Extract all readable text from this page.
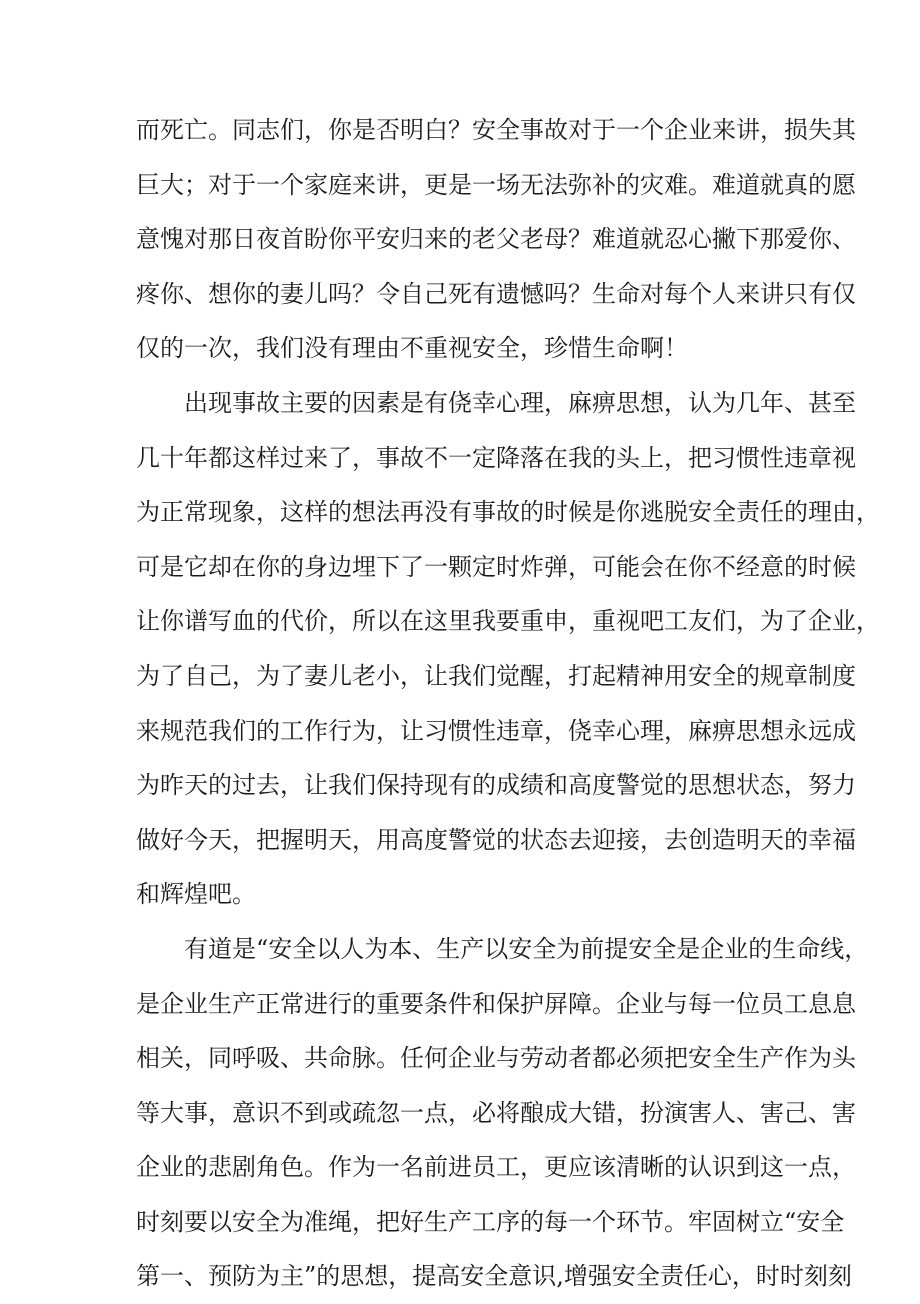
而死亡。同志们，你是否明白？安全事故对于一个企业来讲，损失其
巨大；对于一个家庭来讲，更是一场无法弥补的灾难。难道就真的愿
意愧对那日夜首盼你平安归来的老父老母？难道就忍心撇下那爱你、
疼你、想你的妻儿吗？令自己死有遗憾吗？生命对每个人来讲只有仅
仅的一次，我们没有理由不重视安全，珍惜生命啊！
出现事故主要的因素是有侥幸心理，麻痹思想，认为几年、甚至
几十年都这样过来了，事故不一定降落在我的头上，把习惯性违章视
为正常现象，这样的想法再没有事故的时候是你逃脱安全责任的理由，
可是它却在你的身边埋下了一颗定时炸弹，可能会在你不经意的时候
让你谱写血的代价，所以在这里我要重申，重视吧工友们，为了企业，
为了自己，为了妻儿老小，让我们觉醒，打起精神用安全的规章制度
来规范我们的工作行为，让习惯性违章，侥幸心理，麻痹思想永远成
为昨天的过去，让我们保持现有的成绩和高度警觉的思想状态，努力
做好今天，把握明天，用高度警觉的状态去迎接，去创造明天的幸福
和辉煌吧。
有道是“安全以人为本、生产以安全为前提安全是企业的生命线，
是企业生产正常进行的重要条件和保护屏障。企业与每一位员工息息
相关，同呼吸、共命脉。任何企业与劳动者都必须把安全生产作为头
等大事，意识不到或疏忽一点，必将酿成大错，扮演害人、害己、害
企业的悲剧角色。作为一名前进员工，更应该清晰的认识到这一点，
时刻要以安全为准绳，把好生产工序的每一个环节。牢固树立“安全
第一、预防为主”的思想，提高安全意识,增强安全责任心，时时刻刻
